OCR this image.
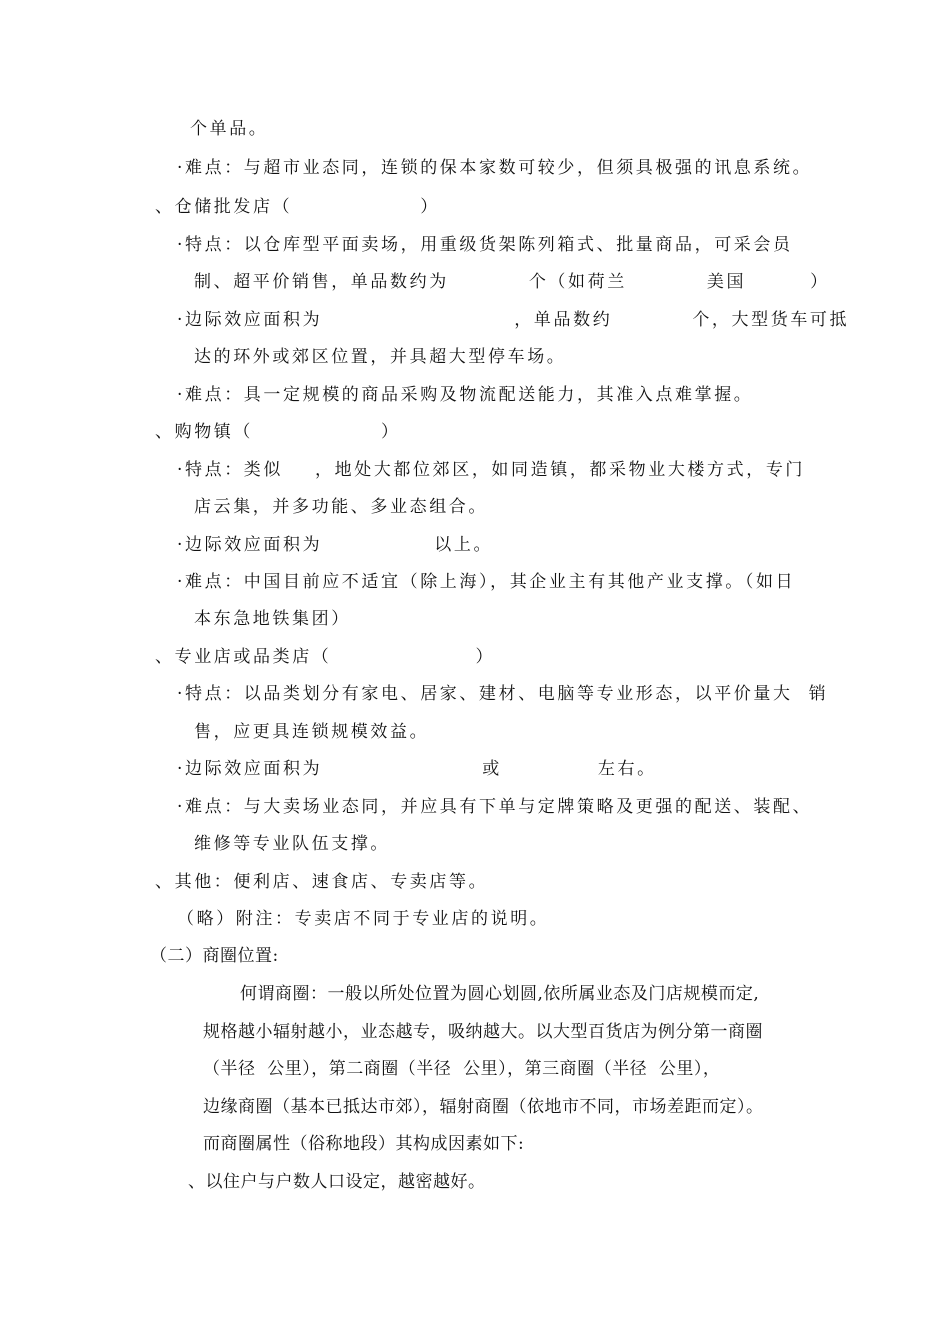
个单品。
·难点：与超市业态同，连锁的保本家数可较少，但须具极强的讯息系统。
、仓储批发店（                ）
·特点：以仓库型平面卖场，用重级货架陈列箱式、批量商品，可采会员
制、超平价销售，单品数约为          个（如荷兰          美国        ）
·边际效应面积为                        ，单品数约          个，大型货车可抵
达的环外或郊区位置，并具超大型停车场。
·难点：具一定规模的商品采购及物流配送能力，其准入点难掌握。
、购物镇（                ）
·特点：类似    ，地处大都位郊区，如同造镇，都采物业大楼方式，专门
店云集，并多功能、多业态组合。
·边际效应面积为              以上。
·难点：中国目前应不适宜（除上海），其企业主有其他产业支撑。（如日
本东急地铁集团）
、专业店或品类店（                  ）
·特点：以品类划分有家电、居家、建材、电脑等专业形态，以平价量大  销
售，应更具连锁规模效益。
·边际效应面积为                    或            左右。
·难点：与大卖场业态同，并应具有下单与定牌策略及更强的配送、装配、
维修等专业队伍支撑。
、其他：便利店、速食店、专卖店等。
（略）附注：专卖店不同于专业店的说明。
（二）商圈位置:
何谓商圈：一般以所处位置为圆心划圆,依所属业态及门店规模而定,
规格越小辐射越小，业态越专，吸纳越大。以大型百货店为例分第一商圈
（半径  公里），第二商圈（半径  公里），第三商圈（半径  公里），
边缘商圈（基本已抵达市郊），辐射商圈（依地市不同，市场差距而定）。
而商圈属性（俗称地段）其构成因素如下:
、以住户与户数人口设定，越密越好。
